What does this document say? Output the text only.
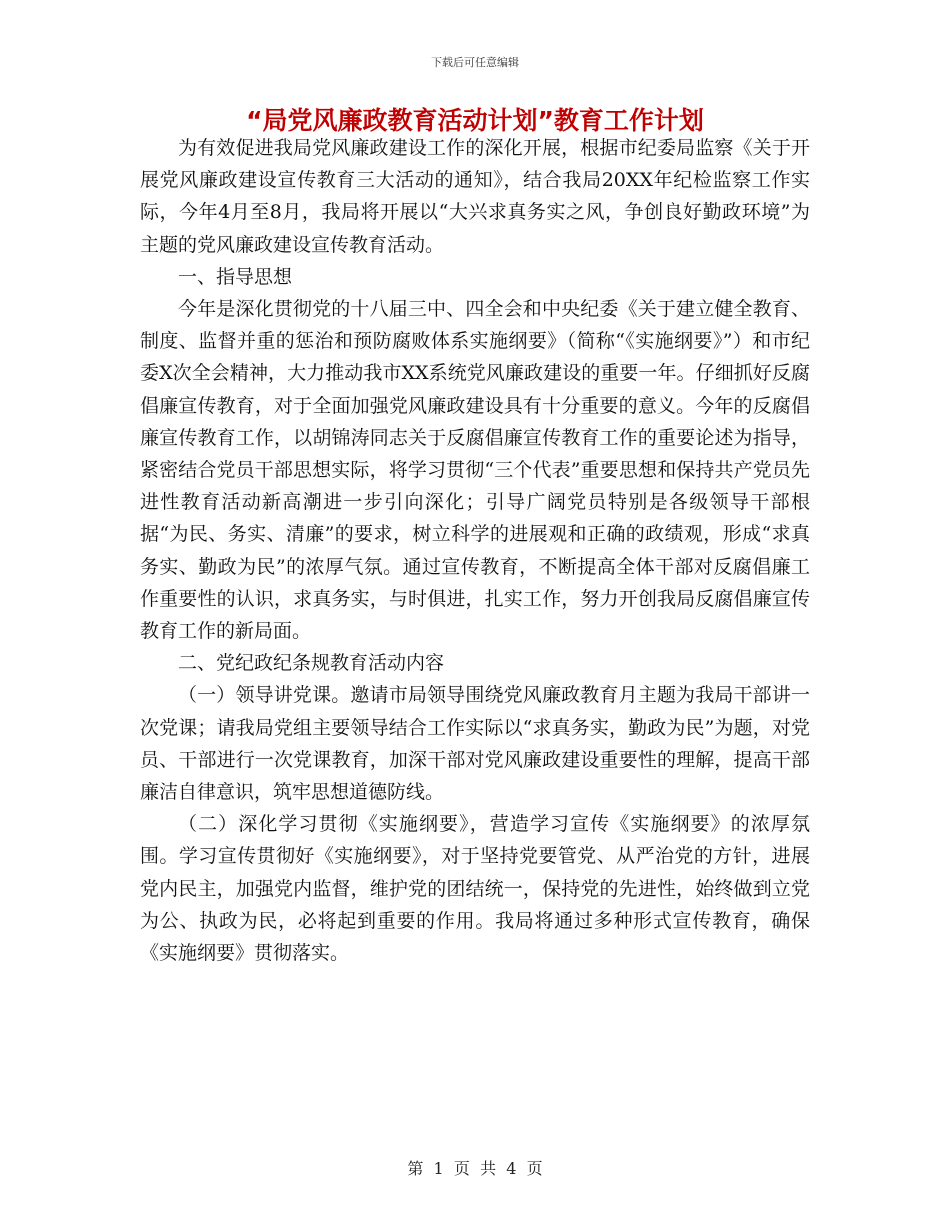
下载后可任意编辑
“局党风廉政教育活动计划”教育工作计划

为有效促进我局党风廉政建设工作的深化开展，根据市纪委局监察《关于开展党风廉政建设宣传教育三大活动的通知》，结合我局20XX年纪检监察工作实际，今年4月至8月，我局将开展以“大兴求真务实之风，争创良好勤政环境”为主题的党风廉政建设宣传教育活动。

一、指导思想

今年是深化贯彻党的十八届三中、四全会和中央纪委《关于建立健全教育、制度、监督并重的惩治和预防腐败体系实施纲要》（简称“《实施纲要》”）和市纪委X次全会精神，大力推动我市XX系统党风廉政建设的重要一年。仔细抓好反腐倡廉宣传教育，对于全面加强党风廉政建设具有十分重要的意义。今年的反腐倡廉宣传教育工作，以胡锦涛同志关于反腐倡廉宣传教育工作的重要论述为指导，紧密结合党员干部思想实际，将学习贯彻“三个代表”重要思想和保持共产党员先进性教育活动新高潮进一步引向深化；引导广阔党员特别是各级领导干部根据“为民、务实、清廉”的要求，树立科学的进展观和正确的政绩观，形成“求真务实、勤政为民”的浓厚气氛。通过宣传教育，不断提高全体干部对反腐倡廉工作重要性的认识，求真务实，与时俱进，扎实工作，努力开创我局反腐倡廉宣传教育工作的新局面。

二、党纪政纪条规教育活动内容

（一）领导讲党课。邀请市局领导围绕党风廉政教育月主题为我局干部讲一次党课；请我局党组主要领导结合工作实际以“求真务实，勤政为民”为题，对党员、干部进行一次党课教育，加深干部对党风廉政建设重要性的理解，提高干部廉洁自律意识，筑牢思想道德防线。

（二）深化学习贯彻《实施纲要》，营造学习宣传《实施纲要》的浓厚氛围。学习宣传贯彻好《实施纲要》，对于坚持党要管党、从严治党的方针，进展党内民主，加强党内监督，维护党的团结统一，保持党的先进性，始终做到立党为公、执政为民，必将起到重要的作用。我局将通过多种形式宣传教育，确保《实施纲要》贯彻落实。

第  1  页  共  4  页
